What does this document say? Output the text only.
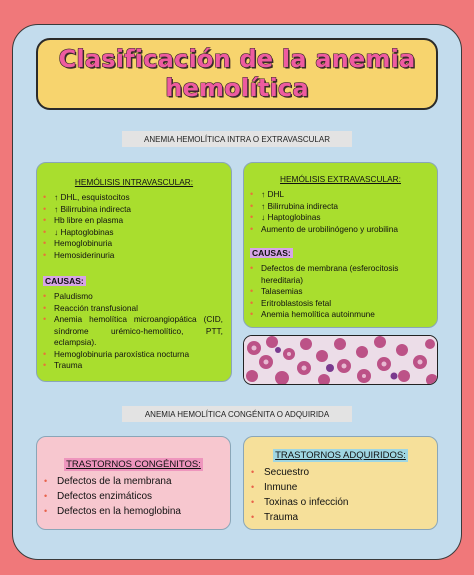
Clasificación de la anemia hemolítica
ANEMIA HEMOLÍTICA INTRA O EXTRAVASCULAR
HEMÓLISIS INTRAVASCULAR:
• ↑ DHL, esquistocitos
• ↑ Bilirrubina indirecta
• Hb libre en plasma
• ↓ Haptoglobinas
• Hemoglobinuria
• Hemosiderinuria
CAUSAS:
• Paludismo
• Reacción transfusional
• Anemia hemolítica microangiopática (CID, síndrome urémico-hemolítico, PTT, eclampsia).
• Hemoglobinuria paroxística nocturna
• Trauma
HEMÓLISIS EXTRAVASCULAR:
• ↑ DHL
• ↑ Bilirrubina indirecta
• ↓ Haptoglobinas
• Aumento de urobilinógeno y urobilina
CAUSAS:
• Defectos de membrana (esferocitosis hereditaria)
• Talasemias
• Eritroblastosis fetal
• Anemia hemolítica autoinmune
ANEMIA HEMOLÍTICA CONGÉNITA O ADQUIRIDA
TRASTORNOS CONGÉNITOS:
• Defectos de la membrana
• Defectos enzimáticos
• Defectos en la hemoglobina
TRASTORNOS ADQUIRIDOS:
• Secuestro
• Inmune
• Toxinas o infección
• Trauma
